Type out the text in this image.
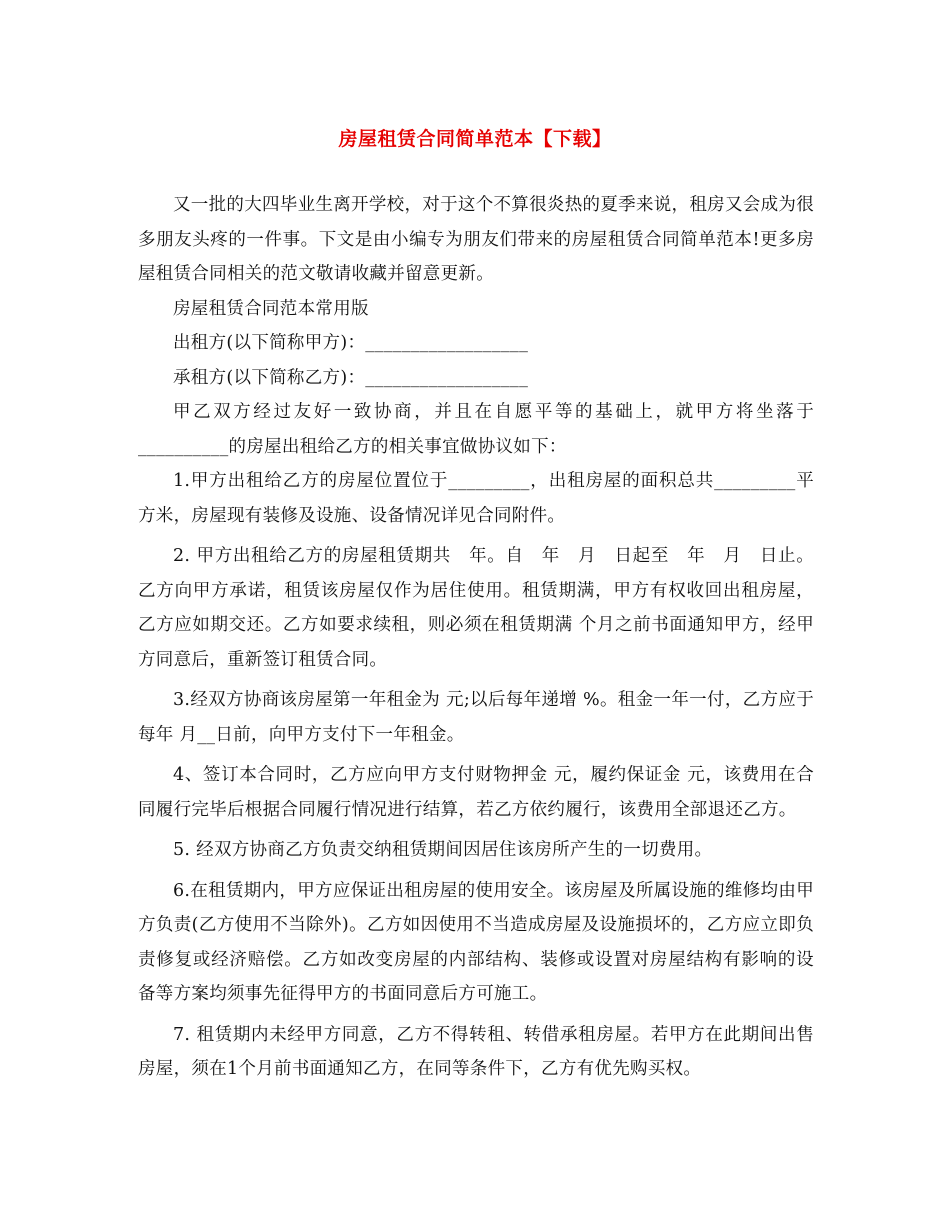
房屋租赁合同简单范本【下载】

又一批的大四毕业生离开学校，对于这个不算很炎热的夏季来说，租房又会成为很多朋友头疼的一件事。下文是由小编专为朋友们带来的房屋租赁合同简单范本!更多房屋租赁合同相关的范文敬请收藏并留意更新。

房屋租赁合同范本常用版

出租方(以下简称甲方)：__________________

承租方(以下简称乙方)：__________________

甲乙双方经过友好一致协商，并且在自愿平等的基础上，就甲方将坐落于__________的房屋出租给乙方的相关事宜做协议如下：

1.甲方出租给乙方的房屋位置位于_________，出租房屋的面积总共_________平方米，房屋现有装修及设施、设备情况详见合同附件。

2. 甲方出租给乙方的房屋租赁期共　年。自　年　月　日起至　年　月　日止。乙方向甲方承诺，租赁该房屋仅作为居住使用。租赁期满，甲方有权收回出租房屋，乙方应如期交还。乙方如要求续租，则必须在租赁期满 个月之前书面通知甲方，经甲方同意后，重新签订租赁合同。

3.经双方协商该房屋第一年租金为 元;以后每年递增 %。租金一年一付，乙方应于每年 月__日前，向甲方支付下一年租金。

4、签订本合同时，乙方应向甲方支付财物押金 元，履约保证金 元，该费用在合同履行完毕后根据合同履行情况进行结算，若乙方依约履行，该费用全部退还乙方。

5. 经双方协商乙方负责交纳租赁期间因居住该房所产生的一切费用。

6.在租赁期内，甲方应保证出租房屋的使用安全。该房屋及所属设施的维修均由甲方负责(乙方使用不当除外)。乙方如因使用不当造成房屋及设施损坏的，乙方应立即负责修复或经济赔偿。乙方如改变房屋的内部结构、装修或设置对房屋结构有影响的设备等方案均须事先征得甲方的书面同意后方可施工。

7. 租赁期内未经甲方同意，乙方不得转租、转借承租房屋。若甲方在此期间出售房屋，须在1个月前书面通知乙方，在同等条件下，乙方有优先购买权。
